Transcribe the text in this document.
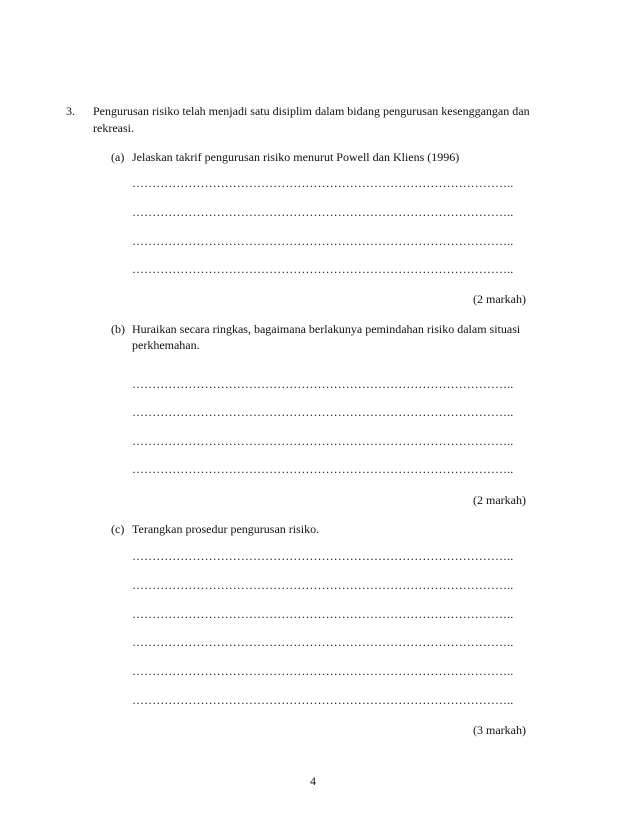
3. Pengurusan risiko telah menjadi satu disiplim dalam bidang pengurusan kesenggangan dan
rekreasi.
(a) Jelaskan takrif pengurusan risiko menurut Powell dan Kliens (1996)
…………………………………………………………………………………..
…………………………………………………………………………………..
…………………………………………………………………………………..
…………………………………………………………………………………..
(2 markah)
(b) Huraikan secara ringkas, bagaimana berlakunya pemindahan risiko dalam situasi
perkhemahan.
…………………………………………………………………………………..
…………………………………………………………………………………..
…………………………………………………………………………………..
…………………………………………………………………………………..
(2 markah)
(c) Terangkan prosedur pengurusan risiko.
…………………………………………………………………………………..
…………………………………………………………………………………..
…………………………………………………………………………………..
…………………………………………………………………………………..
…………………………………………………………………………………..
…………………………………………………………………………………..
(3 markah)
4
